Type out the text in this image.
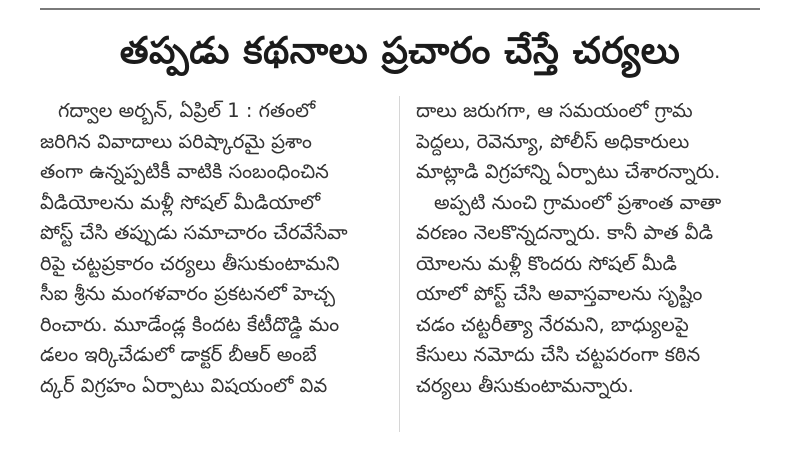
తప్పడు కథనాలు ప్రచారం చేస్తే చర్యలు
గద్వాల అర్బన్, ఏప్రిల్ 1 : గతంలో
జరిగిన వివాదాలు పరిష్కారమై ప్రశాం
తంగా ఉన్నప్పటికీ వాటికి సంబంధించిన
వీడియోలను మళ్లీ సోషల్ మీడియాలో
పోస్ట్ చేసి తప్పుడు సమాచారం చేరవేసేవా
రిపై చట్టప్రకారం చర్యలు తీసుకుంటామని
సీఐ శ్రీను మంగళవారం ప్రకటనలో హెచ్చ
రించారు. మూడేండ్ల కిందట కేటీదొడ్డి మం
డలం ఇర్కిచేడులో డాక్టర్ బీఆర్ అంబే
ద్కర్ విగ్రహం ఏర్పాటు విషయంలో వివ
దాలు జరుగగా, ఆ సమయంలో గ్రామ
పెద్దలు, రెవెన్యూ, పోలీస్ అధికారులు
మాట్లాడి విగ్రహాన్ని ఏర్పాటు చేశారన్నారు.
అప్పటి నుంచి గ్రామంలో ప్రశాంత వాతా
వరణం నెలకొన్నదన్నారు. కానీ పాత వీడి
యోలను మళ్లీ కొందరు సోషల్ మీడి
యాలో పోస్ట్ చేసి అవాస్తవాలను సృష్టిం
చడం చట్టరీత్యా నేరమని, బాధ్యులపై
కేసులు నమోదు చేసి చట్టపరంగా కఠిన
చర్యలు తీసుకుంటామన్నారు.
